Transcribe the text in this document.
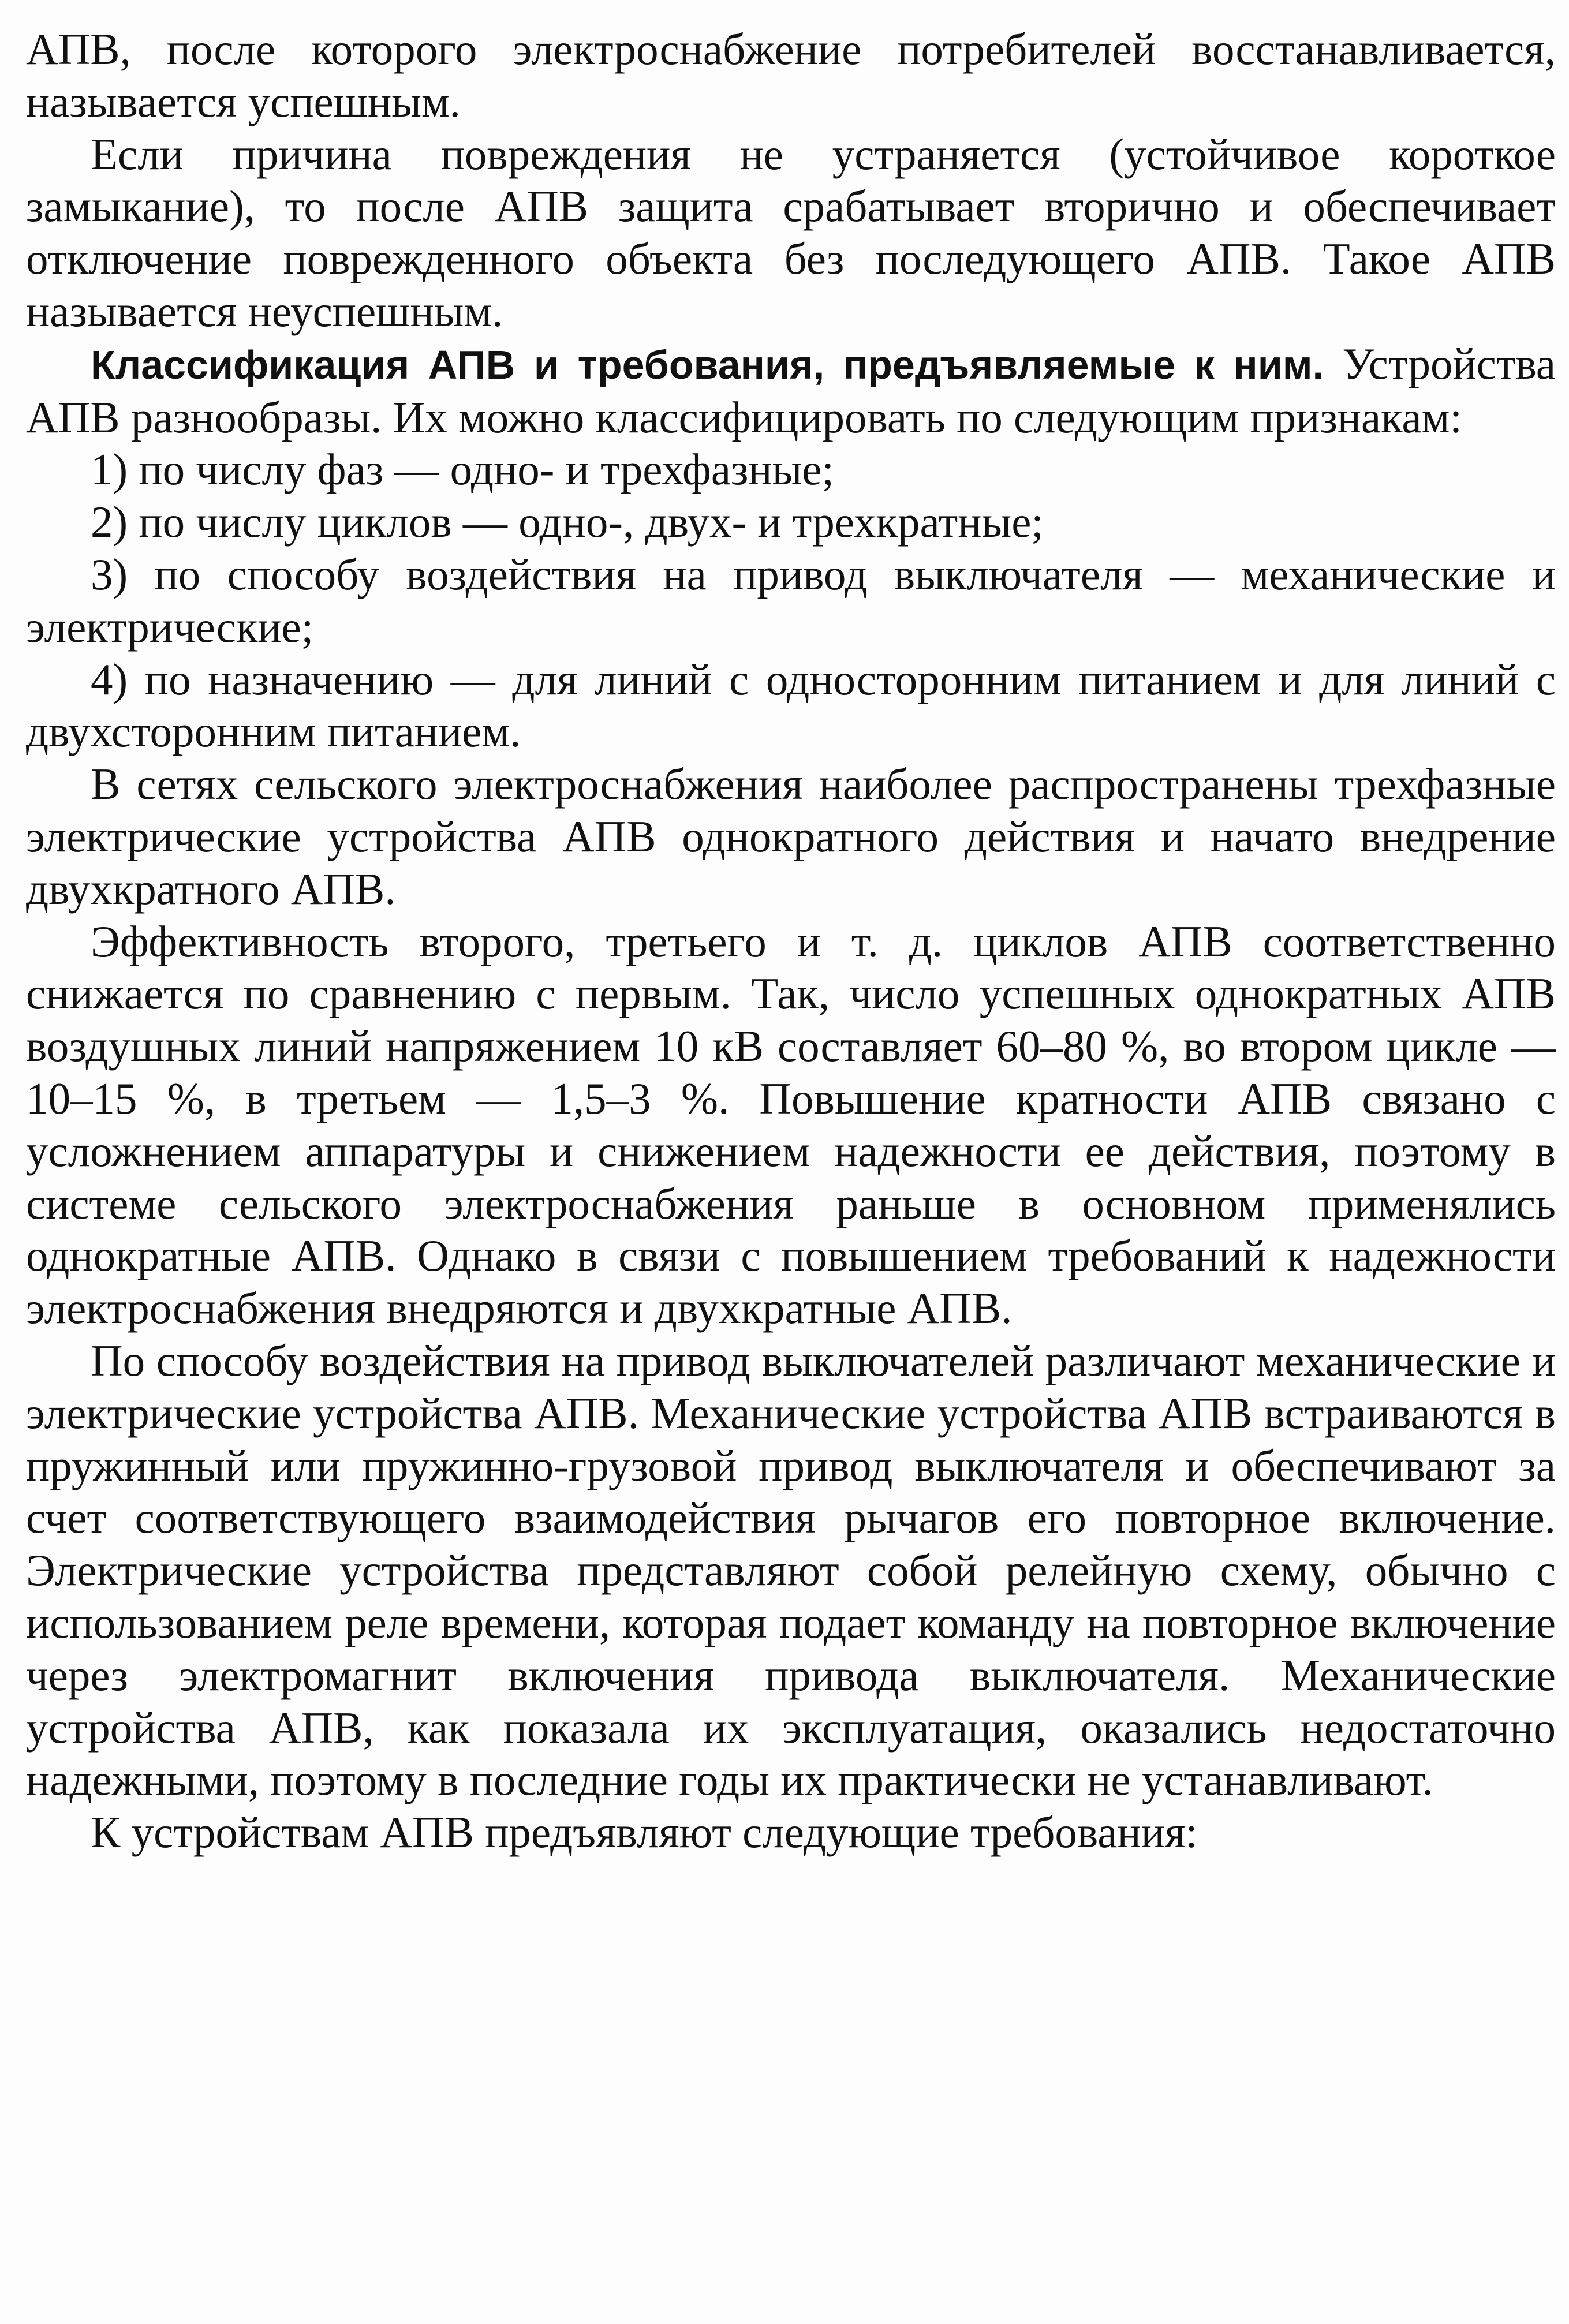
АПВ, после которого электроснабжение потребителей восстанавливается, называется успешным.

Если причина повреждения не устраняется (устойчивое короткое замыкание), то после АПВ защита срабатывает вторично и обеспечивает отключение поврежденного объекта без последующего АПВ. Такое АПВ называется неуспешным.

Классификация АПВ и требования, предъявляемые к ним. Устройства АПВ разнообразы. Их можно классифицировать по следующим признакам:

1) по числу фаз — одно- и трехфазные;

2) по числу циклов — одно-, двух- и трехкратные;

3) по способу воздействия на привод выключателя — механические и электрические;

4) по назначению — для линий с односторонним питанием и для линий с двухсторонним питанием.

В сетях сельского электроснабжения наиболее распространены трехфазные электрические устройства АПВ однократного действия и начато внедрение двухкратного АПВ.

Эффективность второго, третьего и т. д. циклов АПВ соответственно снижается по сравнению с первым. Так, число успешных однократных АПВ воздушных линий напряжением 10 кВ составляет 60–80 %, во втором цикле — 10–15 %, в третьем — 1,5–3 %. Повышение кратности АПВ связано с усложнением аппаратуры и снижением надежности ее действия, поэтому в системе сельского электроснабжения раньше в основном применялись однократные АПВ. Однако в связи с повышением требований к надежности электроснабжения внедряются и двухкратные АПВ.

По способу воздействия на привод выключателей различают механические и электрические устройства АПВ. Механические устройства АПВ встраиваются в пружинный или пружинно-грузовой привод выключателя и обеспечивают за счет соответствующего взаимодействия рычагов его повторное включение. Электрические устройства представляют собой релейную схему, обычно с использованием реле времени, которая подает команду на повторное включение через электромагнит включения привода выключателя. Механические устройства АПВ, как показала их эксплуатация, оказались недостаточно надежными, поэтому в последние годы их практически не устанавливают.

К устройствам АПВ предъявляют следующие требования:
